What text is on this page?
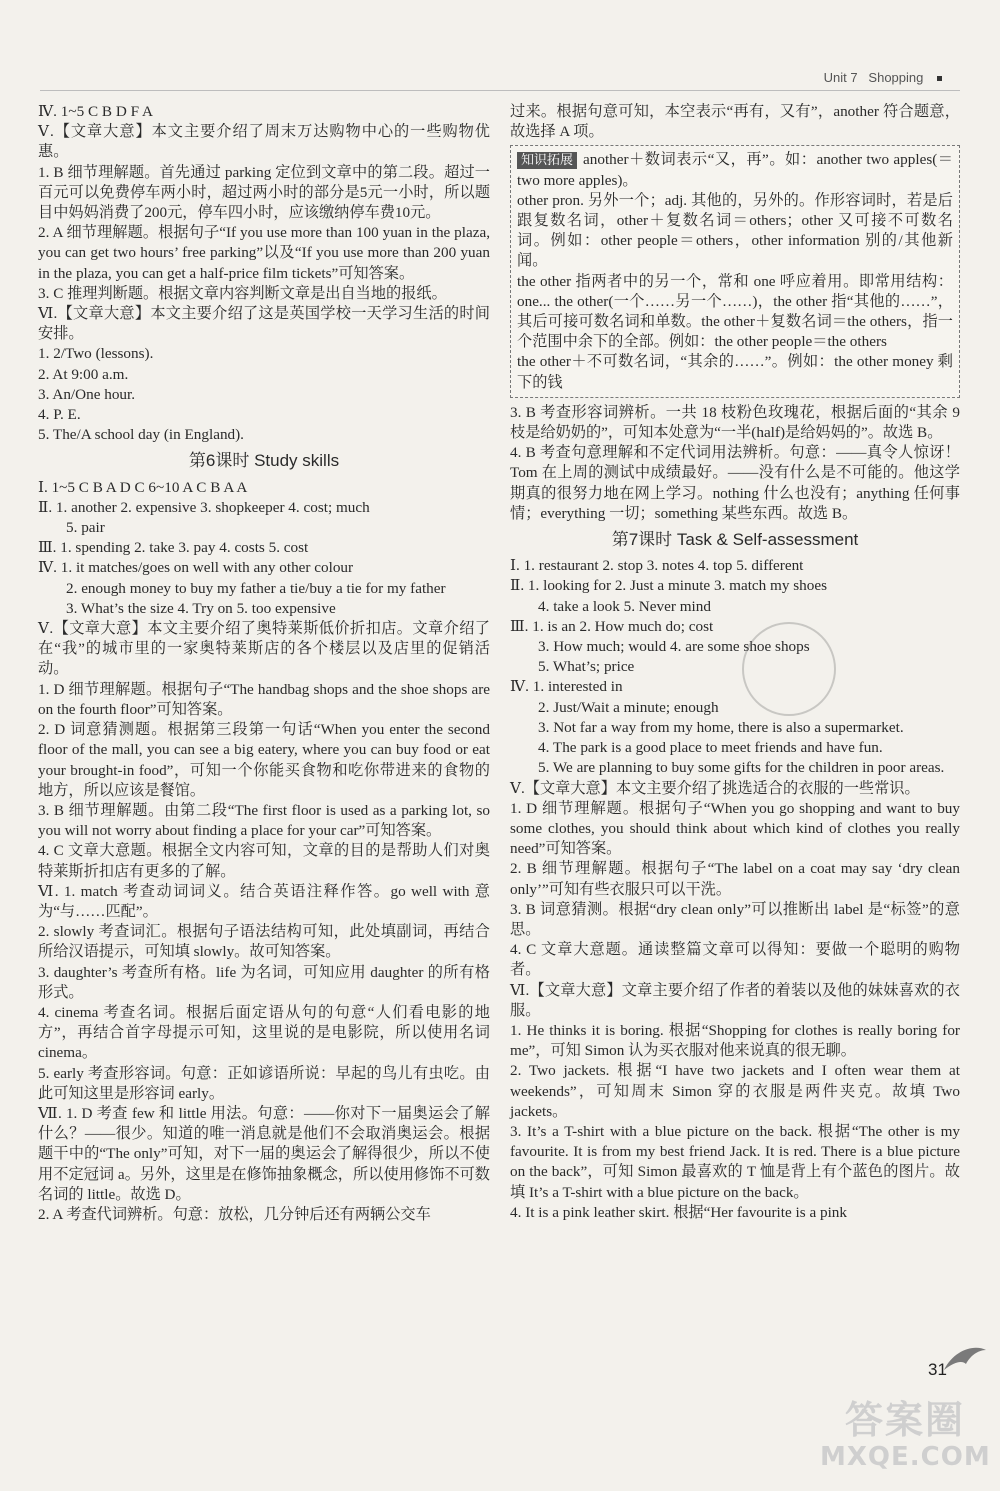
Unit 7 Shopping
Ⅳ. 1~5 C B D F A
Ⅴ.【文章大意】本文主要介绍了周末万达购物中心的一些购物优惠。
1. B 细节理解题。首先通过 parking 定位到文章中的第二段。超过一百元可以免费停车两小时，超过两小时的部分是5元一小时，所以题目中妈妈消费了200元，停车四小时，应该缴纳停车费10元。
2. A 细节理解题。根据句子“If you use more than 100 yuan in the plaza, you can get two hours’ free parking”以及“If you use more than 200 yuan in the plaza, you can get a half-price film tickets”可知答案。
3. C 推理判断题。根据文章内容判断文章是出自当地的报纸。
Ⅵ.【文章大意】本文主要介绍了这是英国学校一天学习生活的时间安排。
1. 2/Two (lessons).
2. At 9:00 a.m.
3. An/One hour.
4. P. E.
5. The/A school day (in England).
第6课时 Study skills
Ⅰ. 1~5 C B A D C 6~10 A C B A A
Ⅱ. 1. another 2. expensive 3. shopkeeper 4. cost; much
5. pair
Ⅲ. 1. spending 2. take 3. pay 4. costs 5. cost
Ⅳ. 1. it matches/goes on well with any other colour
2. enough money to buy my father a tie/buy a tie for my father
3. What’s the size 4. Try on 5. too expensive
Ⅴ.【文章大意】本文主要介绍了奥特莱斯低价折扣店。文章介绍了在“我”的城市里的一家奥特莱斯店的各个楼层以及店里的促销活动。
1. D 细节理解题。根据句子“The handbag shops and the shoe shops are on the fourth floor”可知答案。
2. D 词意猜测题。根据第三段第一句话“When you enter the second floor of the mall, you can see a big eatery, where you can buy food or eat your brought-in food”，可知一个你能买食物和吃你带进来的食物的地方，所以应该是餐馆。
3. B 细节理解题。由第二段“The first floor is used as a parking lot, so you will not worry about finding a place for your car”可知答案。
4. C 文章大意题。根据全文内容可知，文章的目的是帮助人们对奥特莱斯折扣店有更多的了解。
Ⅵ. 1. match 考查动词词义。结合英语注释作答。go well with 意为“与……匹配”。
2. slowly 考查词汇。根据句子语法结构可知，此处填副词，再结合所给汉语提示，可知填 slowly。故可知答案。
3. daughter’s 考查所有格。life 为名词，可知应用 daughter 的所有格形式。
4. cinema 考查名词。根据后面定语从句的句意“人们看电影的地方”，再结合首字母提示可知，这里说的是电影院，所以使用名词 cinema。
5. early 考查形容词。句意：正如谚语所说：早起的鸟儿有虫吃。由此可知这里是形容词 early。
Ⅶ. 1. D 考查 few 和 little 用法。句意：——你对下一届奥运会了解什么？——很少。知道的唯一消息就是他们不会取消奥运会。根据题干中的“The only”可知，对下一届的奥运会了解得很少，所以不使用不定冠词 a。另外，这里是在修饰抽象概念，所以使用修饰不可数名词的 little。故选 D。
2. A 考查代词辨析。句意：放松，几分钟后还有两辆公交车
过来。根据句意可知，本空表示“再有，又有”，another 符合题意，故选择 A 项。
知识拓展 another＋数词表示“又，再”。如：another two apples(＝two more apples)。
other pron. 另外一个；adj. 其他的，另外的。作形容词时，若是后跟复数名词，other＋复数名词＝others；other 又可接不可数名词。例如：other people＝others，other information 别的/其他新闻。
the other 指两者中的另一个，常和 one 呼应着用。即常用结构：one... the other(一个……另一个……)，the other 指“其他的……”，其后可接可数名词和单数。the other＋复数名词＝the others，指一个范围中余下的全部。例如：the other people＝the others
the other＋不可数名词，“其余的……”。例如：the other money 剩下的钱
3. B 考查形容词辨析。一共 18 枝粉色玫瑰花，根据后面的“其余 9 枝是给奶奶的”，可知本处意为“一半(half)是给妈妈的”。故选 B。
4. B 考查句意理解和不定代词用法辨析。句意：——真令人惊讶！Tom 在上周的测试中成绩最好。——没有什么是不可能的。他这学期真的很努力地在网上学习。nothing 什么也没有；anything 任何事情；everything 一切；something 某些东西。故选 B。
第7课时 Task & Self-assessment
Ⅰ. 1. restaurant 2. stop 3. notes 4. top 5. different
Ⅱ. 1. looking for 2. Just a minute 3. match my shoes
4. take a look 5. Never mind
Ⅲ. 1. is an 2. How much do; cost
3. How much; would 4. are some shoe shops
5. What’s; price
Ⅳ. 1. interested in
2. Just/Wait a minute; enough
3. Not far a way from my home, there is also a supermarket.
4. The park is a good place to meet friends and have fun.
5. We are planning to buy some gifts for the children in poor areas.
Ⅴ.【文章大意】本文主要介绍了挑选适合的衣服的一些常识。
1. D 细节理解题。根据句子“When you go shopping and want to buy some clothes, you should think about which kind of clothes you really need”可知答案。
2. B 细节理解题。根据句子“The label on a coat may say ‘dry clean only’”可知有些衣服只可以干洗。
3. B 词意猜测。根据“dry clean only”可以推断出 label 是“标签”的意思。
4. C 文章大意题。通读整篇文章可以得知：要做一个聪明的购物者。
Ⅵ.【文章大意】文章主要介绍了作者的着装以及他的妹妹喜欢的衣服。
1. He thinks it is boring. 根据“Shopping for clothes is really boring for me”，可知 Simon 认为买衣服对他来说真的很无聊。
2. Two jackets. 根据“I have two jackets and I often wear them at weekends”，可知周末 Simon 穿的衣服是两件夹克。故填 Two jackets。
3. It’s a T-shirt with a blue picture on the back. 根据“The other is my favourite. It is from my best friend Jack. It is red. There is a blue picture on the back”，可知 Simon 最喜欢的 T 恤是背上有个蓝色的图片。故填 It’s a T-shirt with a blue picture on the back。
4. It is a pink leather skirt. 根据“Her favourite is a pink
31
答案圈
MXQE.COM
